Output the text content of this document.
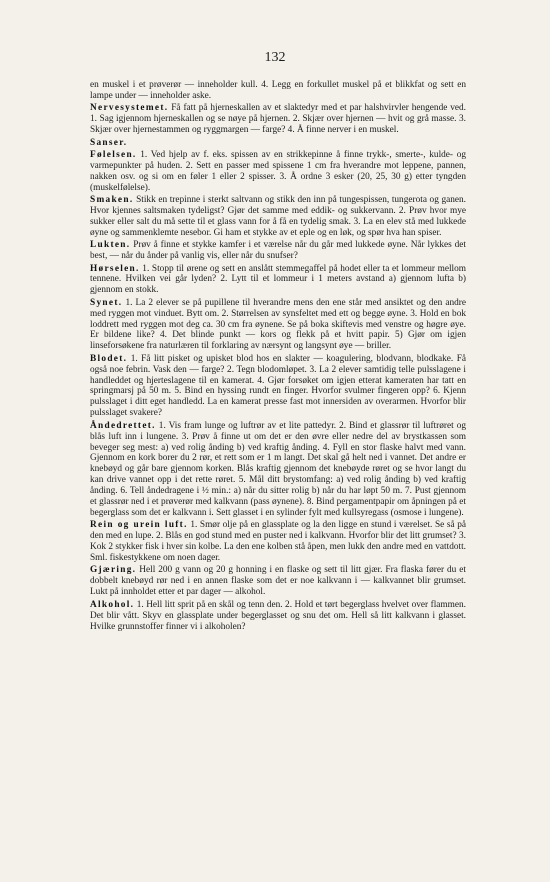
132

en muskel i et prøverør — inneholder kull. 4. Legg en forkullet muskel på et blikkfat og sett en lampe under — inneholder aske.

Nervesystemet. Få fatt på hjerneskallen av et slaktedyr med et par halshvirvler hengende ved. 1. Sag igjennom hjerneskallen og se nøye på hjernen. 2. Skjær over hjernen — hvit og grå masse. 3. Skjær over hjernestammen og ryggmargen — farge? 4. Å finne nerver i en muskel.

Sanser.

Følelsen. 1. Ved hjelp av f. eks. spissen av en strikkepinne å finne trykk-, smerte-, kulde- og varmepunkter på huden. 2. Sett en passer med spissene 1 cm fra hverandre mot leppene, pannen, nakken osv. og si om en føler 1 eller 2 spisser. 3. Å ordne 3 esker (20, 25, 30 g) etter tyngden (muskelfølelse).

Smaken. Stikk en trepinne i sterkt saltvann og stikk den inn på tungespissen, tungerota og ganen. Hvor kjennes saltsmaken tydeligst? Gjør det samme med eddik- og sukkervann. 2. Prøv hvor mye sukker eller salt du må sette til et glass vann for å få en tydelig smak. 3. La en elev stå med lukkede øyne og sammenklemte nesebor. Gi ham et stykke av et eple og en løk, og spør hva han spiser.

Lukten. Prøv å finne et stykke kamfer i et værelse når du går med lukkede øyne. Når lykkes det best, — når du ånder på vanlig vis, eller når du snufser?

Hørselen. 1. Stopp til ørene og sett en anslått stemmegaffel på hodet eller ta et lommeur mellom tennene. Hvilken vei går lyden? 2. Lytt til et lommeur i 1 meters avstand a) gjennom lufta b) gjennom en stokk.

Synet. 1. La 2 elever se på pupillene til hverandre mens den ene står med ansiktet og den andre med ryggen mot vinduet. Bytt om. 2. Størrelsen av synsfeltet med ett og begge øyne. 3. Hold en bok loddrett med ryggen mot deg ca. 30 cm fra øynene. Se på boka skiftevis med venstre og høgre øye. Er bildene like? 4. Det blinde punkt — kors og flekk på et hvitt papir. 5) Gjør om igjen linseforsøkene fra naturlæren til forklaring av nærsynt og langsynt øye — briller.

Blodet. 1. Få litt pisket og upisket blod hos en slakter — koagulering, blodvann, blodkake. Få også noe febrin. Vask den — farge? 2. Tegn blodomløpet. 3. La 2 elever samtidig telle pulsslagene i handleddet og hjerteslagene til en kamerat. 4. Gjør forsøket om igjen etterat kameraten har tatt en springmarsj på 50 m. 5. Bind en hyssing rundt en finger. Hvorfor svulmer fingeren opp? 6. Kjenn pulsslaget i ditt eget handledd. La en kamerat presse fast mot innersiden av overarmen. Hvorfor blir pulsslaget svakere?

Åndedrettet. 1. Vis fram lunge og luftrør av et lite pattedyr. 2. Bind et glassrør til luftrøret og blås luft inn i lungene. 3. Prøv å finne ut om det er den øvre eller nedre del av brystkassen som beveger seg mest: a) ved rolig ånding b) ved kraftig ånding. 4. Fyll en stor flaske halvt med vann. Gjennom en kork borer du 2 rør, et rett som er 1 m langt. Det skal gå helt ned i vannet. Det andre er knebøyd og går bare gjennom korken. Blås kraftig gjennom det knebøyde røret og se hvor langt du kan drive vannet opp i det rette røret. 5. Mål ditt brystomfang: a) ved rolig ånding b) ved kraftig ånding. 6. Tell åndedragene i ½ min.: a) når du sitter rolig b) når du har løpt 50 m. 7. Pust gjennom et glassrør ned i et prøverør med kalkvann (pass øynene). 8. Bind pergamentpapir om åpningen på et begerglass som det er kalkvann i. Sett glasset i en sylinder fylt med kullsyregass (osmose i lungene).

Rein og urein luft. 1. Smør olje på en glassplate og la den ligge en stund i værelset. Se så på den med en lupe. 2. Blås en god stund med en puster ned i kalkvann. Hvorfor blir det litt grumset? 3. Kok 2 stykker fisk i hver sin kolbe. La den ene kolben stå åpen, men lukk den andre med en vattdott. Sml. fiskestykkene om noen dager.

Gjæring. Hell 200 g vann og 20 g honning i en flaske og sett til litt gjær. Fra flaska fører du et dobbelt knebøyd rør ned i en annen flaske som det er noe kalkvann i — kalkvannet blir grumset. Lukt på innholdet etter et par dager — alkohol.

Alkohol. 1. Hell litt sprit på en skål og tenn den. 2. Hold et tørt begerglass hvelvet over flammen. Det blir vått. Skyv en glassplate under begerglasset og snu det om. Hell så litt kalkvann i glasset. Hvilke grunnstoffer finner vi i alkoholen?
